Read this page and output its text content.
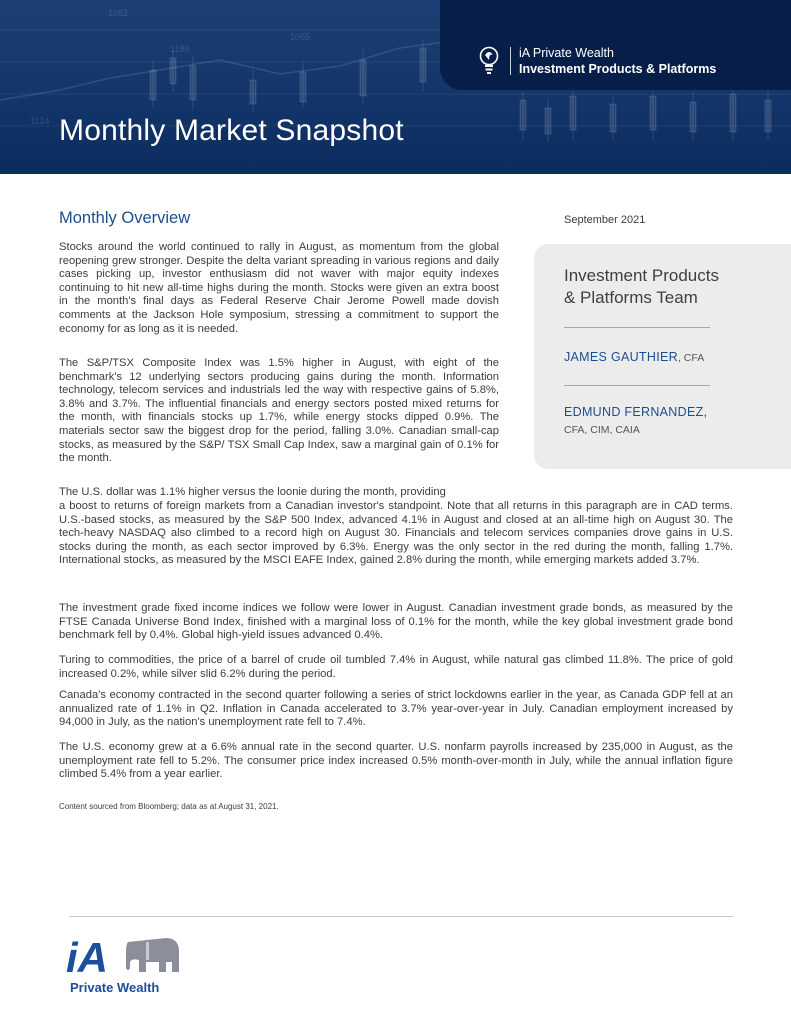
1082
1188
1124
1065
iA Private Wealth
Investment Products & Platforms
Monthly Market Snapshot
Monthly Overview	September 2021
Investment Products
& Platforms Team
JAMES GAUTHIER, CFA
EDMUND FERNANDEZ,
CFA, CIM, CAIA

Stocks around the world continued to rally in August, as momentum from the global reopening grew stronger. Despite the delta variant spreading in various regions and daily cases picking up, investor enthusiasm did not waver with major equity indexes continuing to hit new all-time highs during the month. Stocks were given an extra boost in the month's final days as Federal Reserve Chair Jerome Powell made dovish comments at the Jackson Hole symposium, stressing a commitment to support the economy for as long as it is needed.

The S&P/TSX Composite Index was 1.5% higher in August, with eight of the benchmark's 12 underlying sectors producing gains during the month. Information technology, telecom services and industrials led the way with respective gains of 5.8%, 3.8% and 3.7%. The influential financials and energy sectors posted mixed returns for the month, with financials stocks up 1.7%, while energy stocks dipped 0.9%. The materials sector saw the biggest drop for the period, falling 3.0%. Canadian small-cap stocks, as measured by the S&P/ TSX Small Cap Index, saw a marginal gain of 0.1% for the month.

The U.S. dollar was 1.1% higher versus the loonie during the month, providing

a boost to returns of foreign markets from a Canadian investor's standpoint. Note that all returns in this paragraph are in CAD terms. U.S.-based stocks, as measured by the S&P 500 Index, advanced 4.1% in August and closed at an all-time high on August 30. The tech-heavy NASDAQ also climbed to a record high on August 30. Financials and telecom services companies drove gains in U.S. stocks during the month, as each sector improved by 6.3%. Energy was the only sector in the red during the month, falling 1.7%. International stocks, as measured by the MSCI EAFE Index, gained 2.8% during the month, while emerging markets added 3.7%.

The investment grade fixed income indices we follow were lower in August. Canadian investment grade bonds, as measured by the FTSE Canada Universe Bond Index, finished with a marginal loss of 0.1% for the month, while the key global investment grade bond benchmark fell by 0.4%. Global high-yield issues advanced 0.4%.

Turing to commodities, the price of a barrel of crude oil tumbled 7.4% in August, while natural gas climbed 11.8%. The price of gold increased 0.2%, while silver slid 6.2% during the period.

Canada's economy contracted in the second quarter following a series of strict lockdowns earlier in the year, as Canada GDP fell at an annualized rate of 1.1% in Q2. Inflation in Canada accelerated to 3.7% year-over-year in July. Canadian employment increased by 94,000 in July, as the nation's unemployment rate fell to 7.4%.

The U.S. economy grew at a 6.6% annual rate in the second quarter. U.S. nonfarm payrolls increased by 235,000 in August, as the unemployment rate fell to 5.2%. The consumer price index increased 0.5% month-over-month in July, while the annual inflation figure climbed 5.4% from a year earlier.

Content sourced from Bloomberg; data as at August 31, 2021.
iA
Private Wealth
